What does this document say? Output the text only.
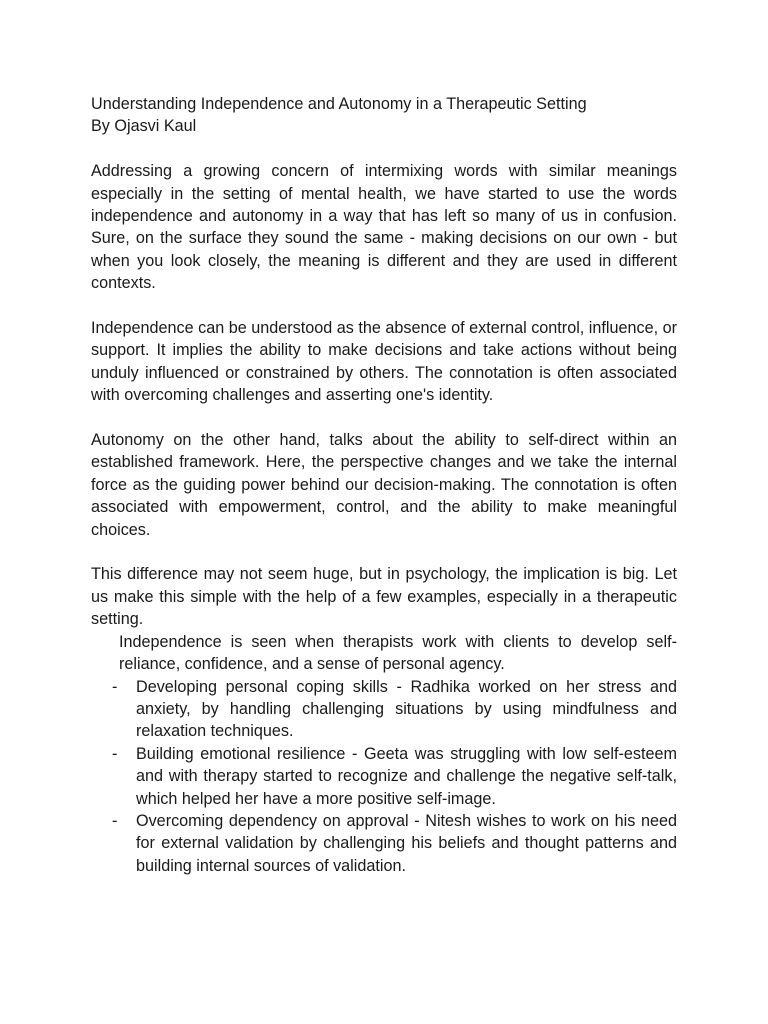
Understanding Independence and Autonomy in a Therapeutic Setting

By Ojasvi Kaul

Addressing a growing concern of intermixing words with similar meanings especially in the setting of mental health, we have started to use the words independence and autonomy in a way that has left so many of us in confusion. Sure, on the surface they sound the same - making decisions on our own - but when you look closely, the meaning is different and they are used in different contexts.

Independence can be understood as the absence of external control, influence, or support. It implies the ability to make decisions and take actions without being unduly influenced or constrained by others. The connotation is often associated with overcoming challenges and asserting one's identity.

Autonomy on the other hand, talks about the ability to self-direct within an established framework. Here, the perspective changes and we take the internal force as the guiding power behind our decision-making. The connotation is often associated with empowerment, control, and the ability to make meaningful choices.

This difference may not seem huge, but in psychology, the implication is big. Let us make this simple with the help of a few examples, especially in a therapeutic setting.

Independence is seen when therapists work with clients to develop self-reliance, confidence, and a sense of personal agency.

- Developing personal coping skills - Radhika worked on her stress and anxiety, by handling challenging situations by using mindfulness and relaxation techniques.
- Building emotional resilience - Geeta was struggling with low self-esteem and with therapy started to recognize and challenge the negative self-talk, which helped her have a more positive self-image.
- Overcoming dependency on approval - Nitesh wishes to work on his need for external validation by challenging his beliefs and thought patterns and building internal sources of validation.
